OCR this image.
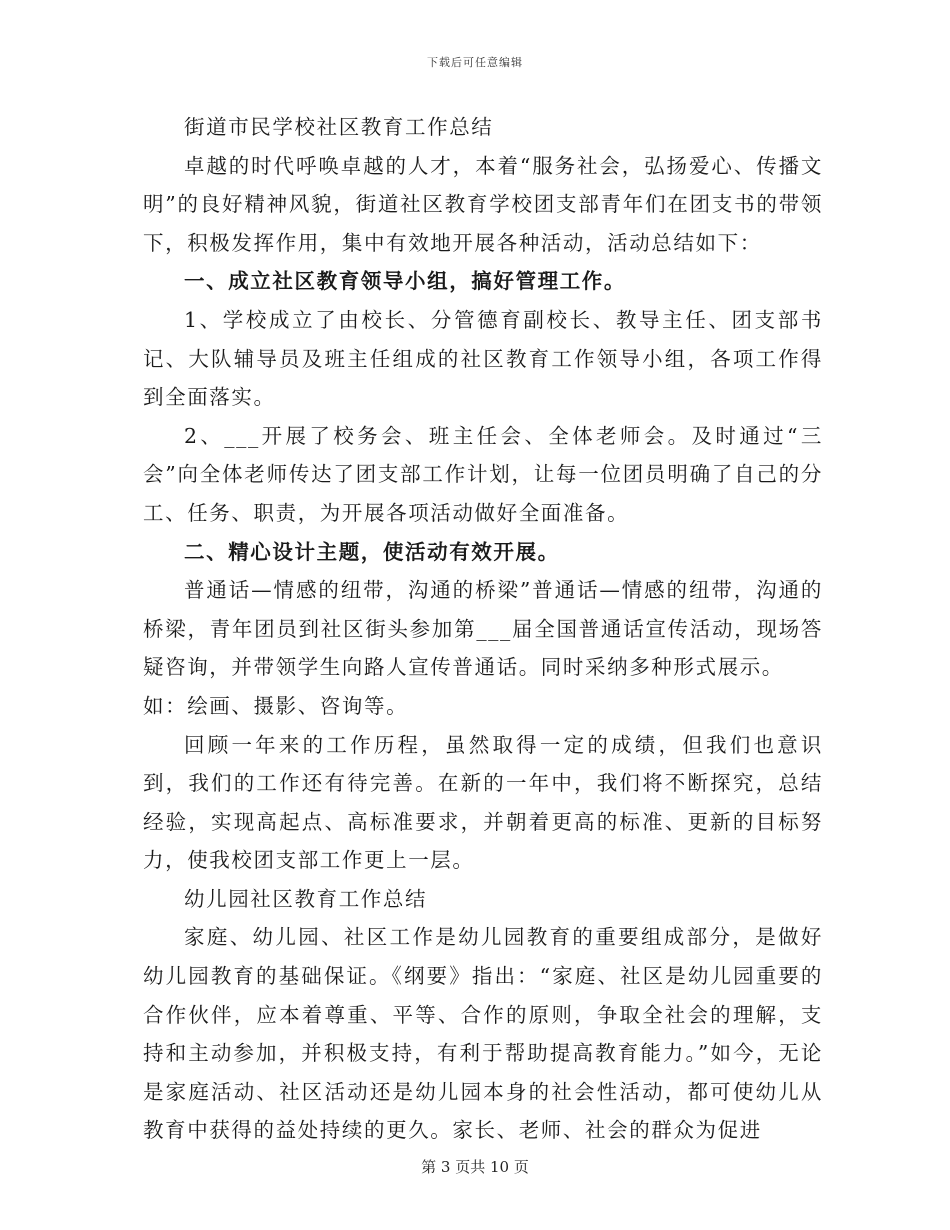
下载后可任意编辑

街道市民学校社区教育工作总结

卓越的时代呼唤卓越的人才，本着“服务社会，弘扬爱心、传播文明”的良好精神风貌，街道社区教育学校团支部青年们在团支书的带领下，积极发挥作用，集中有效地开展各种活动，活动总结如下：

一、成立社区教育领导小组，搞好管理工作。

1、学校成立了由校长、分管德育副校长、教导主任、团支部书记、大队辅导员及班主任组成的社区教育工作领导小组，各项工作得到全面落实。

2、___开展了校务会、班主任会、全体老师会。及时通过“三会”向全体老师传达了团支部工作计划，让每一位团员明确了自己的分工、任务、职责，为开展各项活动做好全面准备。

二、精心设计主题，使活动有效开展。

普通话—情感的纽带，沟通的桥梁”普通话—情感的纽带，沟通的桥梁，青年团员到社区街头参加第___届全国普通话宣传活动，现场答疑咨询，并带领学生向路人宣传普通话。同时采纳多种形式展示。

如：绘画、摄影、咨询等。

回顾一年来的工作历程，虽然取得一定的成绩，但我们也意识到，我们的工作还有待完善。在新的一年中，我们将不断探究，总结经验，实现高起点、高标准要求，并朝着更高的标准、更新的目标努力，使我校团支部工作更上一层。

幼儿园社区教育工作总结

家庭、幼儿园、社区工作是幼儿园教育的重要组成部分，是做好幼儿园教育的基础保证。《纲要》指出：“家庭、社区是幼儿园重要的合作伙伴，应本着尊重、平等、合作的原则，争取全社会的理解，支持和主动参加，并积极支持，有利于帮助提高教育能力。”如今，无论是家庭活动、社区活动还是幼儿园本身的社会性活动，都可使幼儿从教育中获得的益处持续的更久。家长、老师、社会的群众为促进

第 3 页共 10 页
